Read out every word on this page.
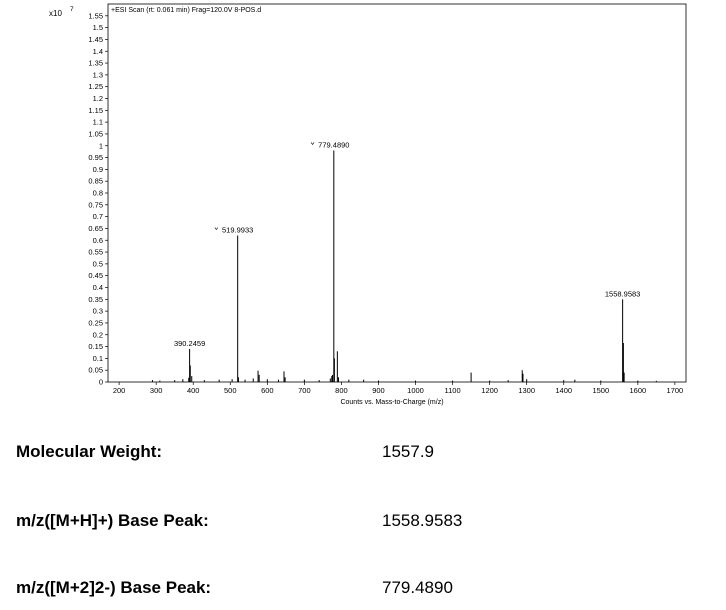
x10 7	+ESI Scan (rt: 0.061 min) Frag=120.0V 8-POS.d
Counts vs. Mass-to-Charge (m/z)
0
0.05
0.1
0.15
0.2
0.25
0.3
0.35
0.4
0.45
0.5
0.55
0.6
0.65
0.7
0.75
0.8
0.85
0.9
0.95
1
1.05
1.1
1.15
1.2
1.25
1.3
1.35
1.4
1.45
1.5
1.55
200	300	400	500	600	700	800	900	1000	1100	1200	1300	1400	1500	1600	1700
390.2459
519.9933
779.4890
1558.9583
Molecular Weight:	1557.9
m/z([M+H]+) Base Peak:	1558.9583
m/z([M+2]2-) Base Peak:	779.4890
